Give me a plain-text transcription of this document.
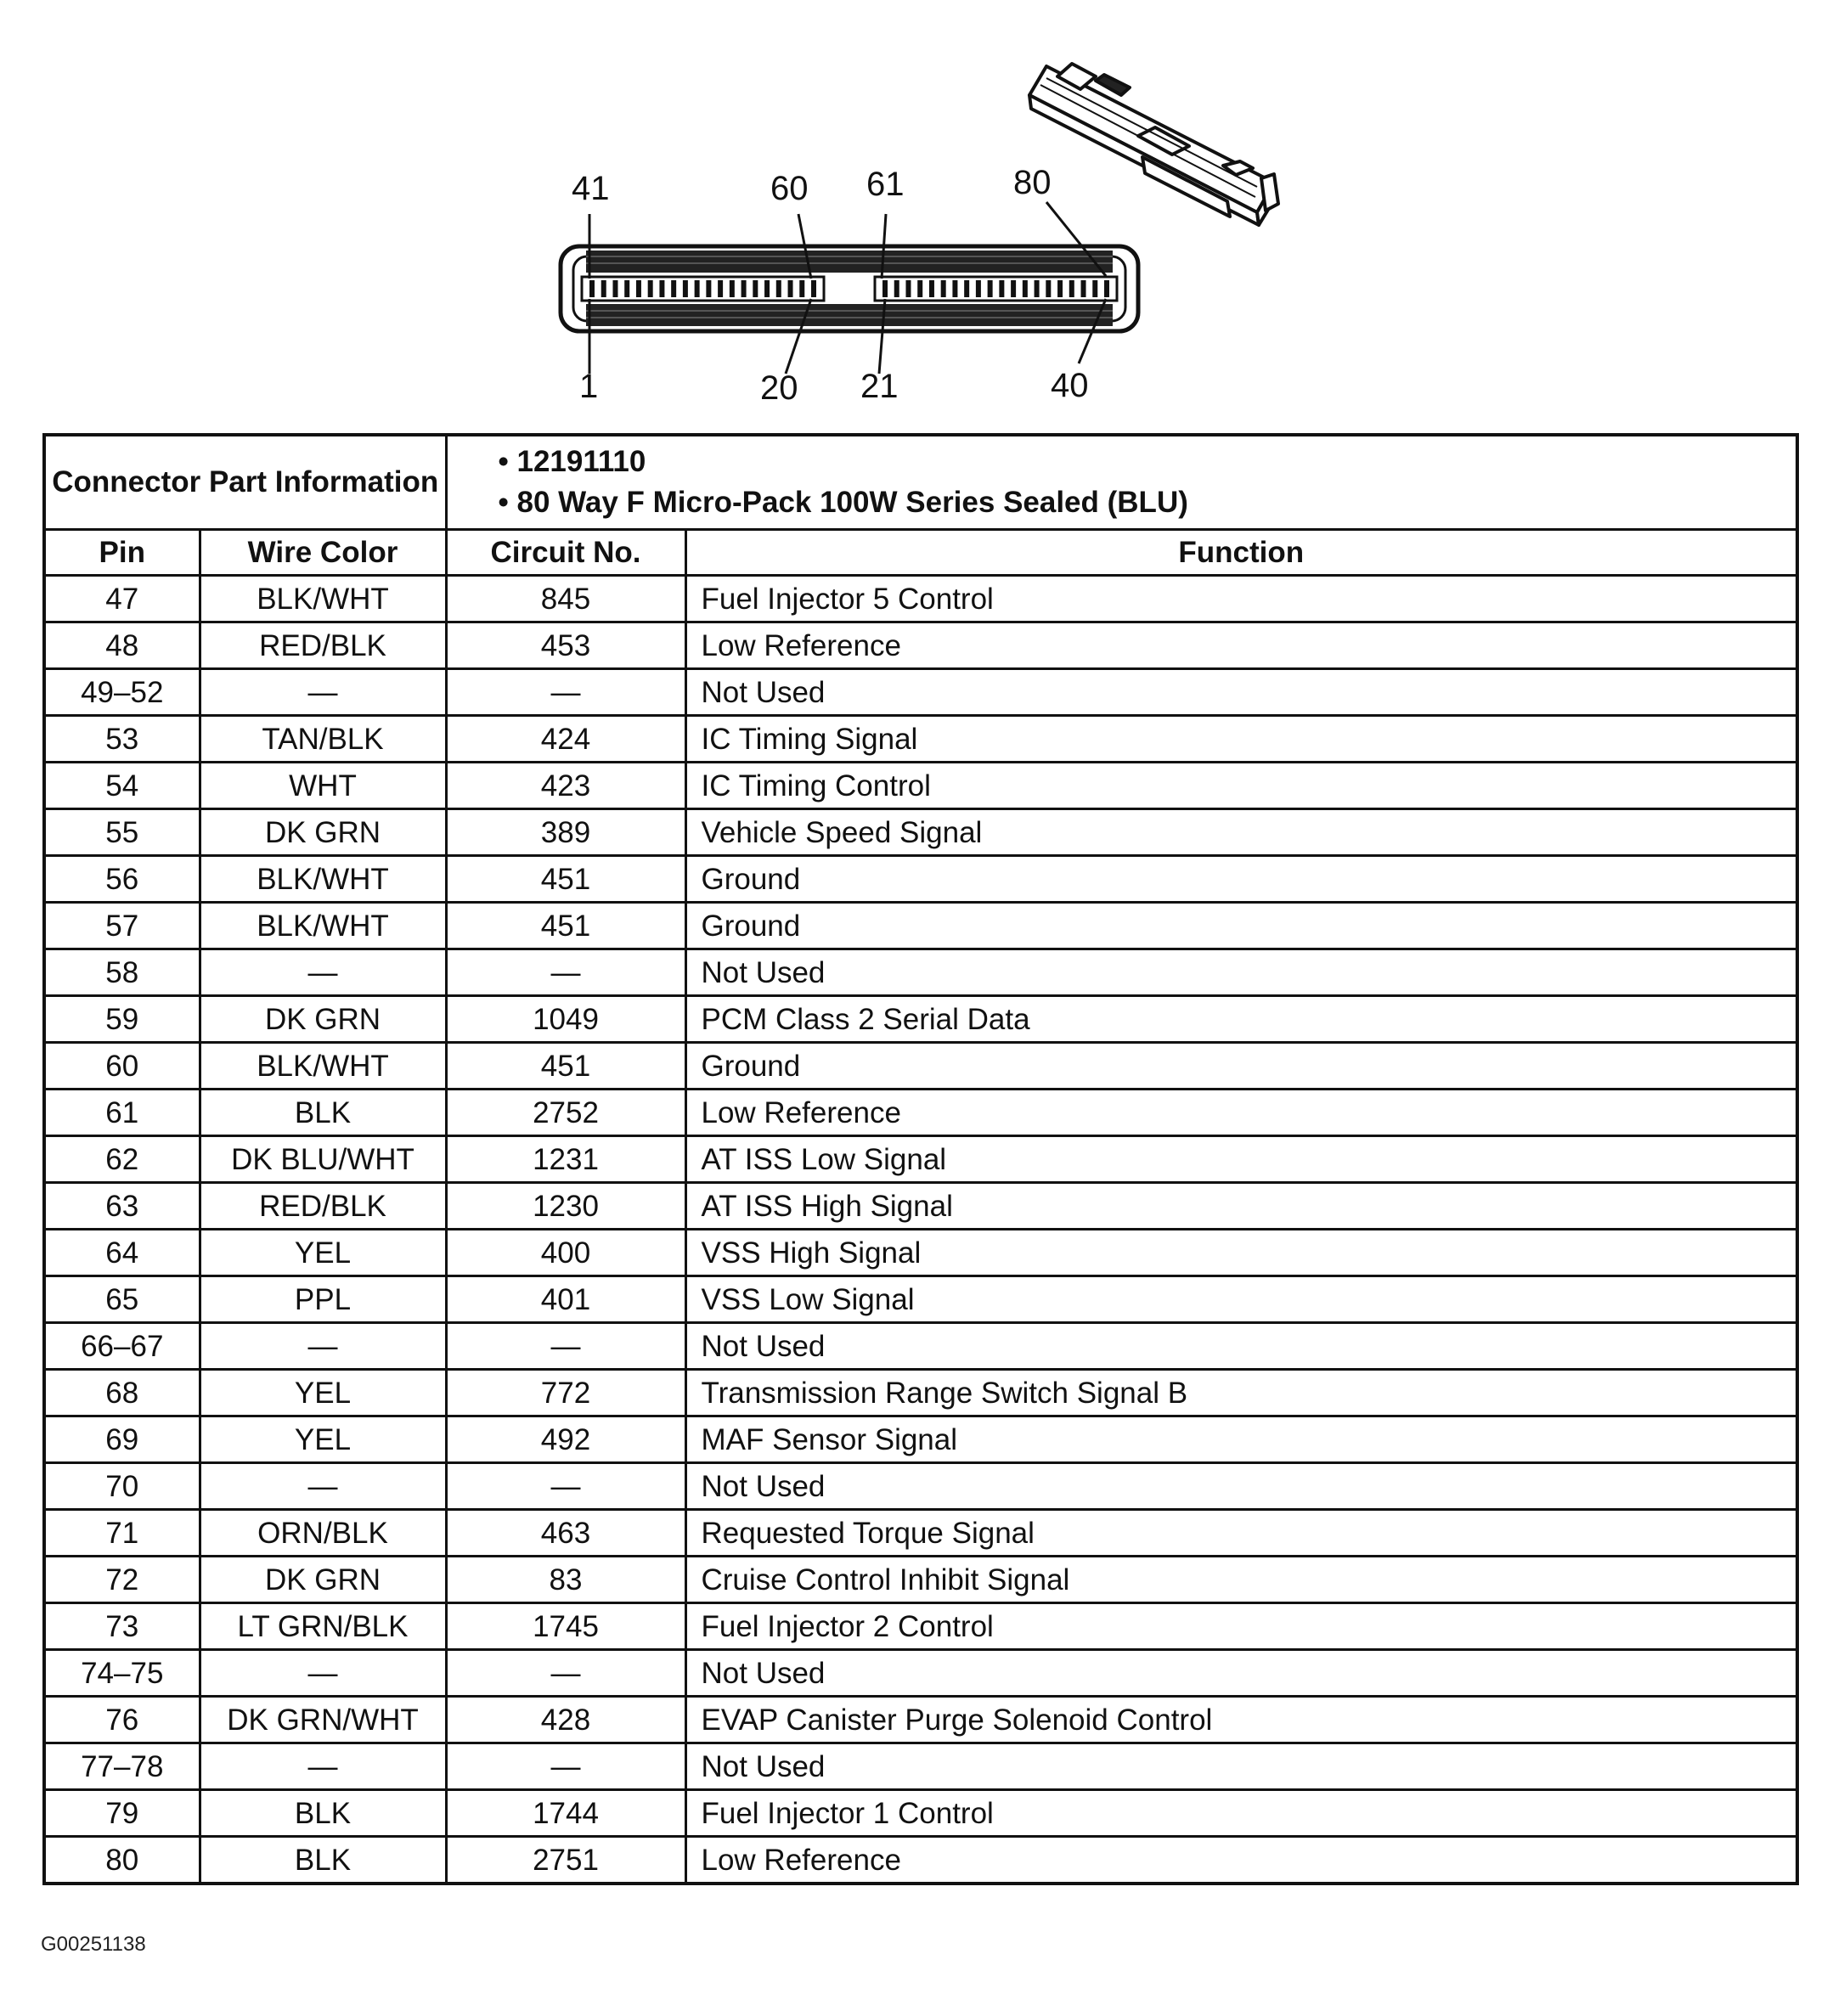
41	60 61	80
1	20 21	40
Connector Part Information		• 12191110
• 80 Way F Micro-Pack 100W Series Sealed (BLU)	

Pin	Wire Color	Circuit No.	Function
47	BLK/WHT	845	Fuel Injector 5 Control
48	RED/BLK	453	Low Reference
49–52	—	—	Not Used
53	TAN/BLK	424	IC Timing Signal
54	WHT	423	IC Timing Control
55	DK GRN	389	Vehicle Speed Signal
56	BLK/WHT	451	Ground
57	BLK/WHT	451	Ground
58	—	—	Not Used
59	DK GRN	1049	PCM Class 2 Serial Data
60	BLK/WHT	451	Ground
61	BLK	2752	Low Reference
62	DK BLU/WHT	1231	AT ISS Low Signal
63	RED/BLK	1230	AT ISS High Signal
64	YEL	400	VSS High Signal
65	PPL	401	VSS Low Signal
66–67	—	—	Not Used
68	YEL	772	Transmission Range Switch Signal B
69	YEL	492	MAF Sensor Signal
70	—	—	Not Used
71	ORN/BLK	463	Requested Torque Signal
72	DK GRN	83	Cruise Control Inhibit Signal
73	LT GRN/BLK	1745	Fuel Injector 2 Control
74–75	—	—	Not Used
76	DK GRN/WHT	428	EVAP Canister Purge Solenoid Control
77–78	—	—	Not Used
79	BLK	1744	Fuel Injector 1 Control
80	BLK	2751	Low Reference
G00251138
